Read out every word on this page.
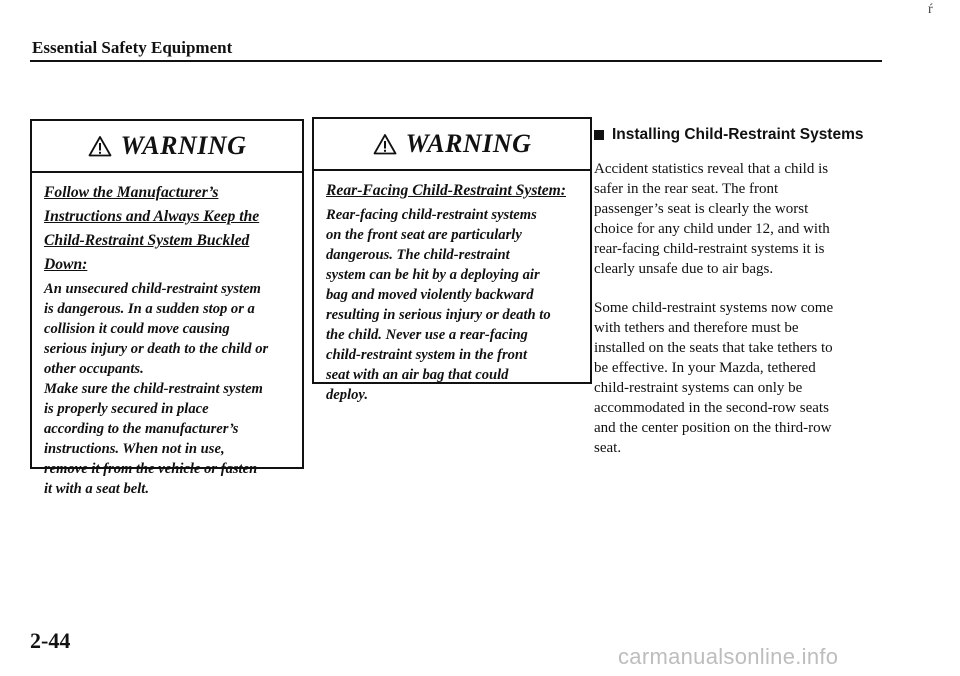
Essential Safety Equipment
ŕ
WARNING
Follow the Manufacturer’s
Instructions and Always Keep the
Child-Restraint System Buckled
Down:
An unsecured child-restraint system
is dangerous. In a sudden stop or a
collision it could move causing
serious injury or death to the child or
other occupants.
Make sure the child-restraint system
is properly secured in place
according to the manufacturer’s
instructions. When not in use,
remove it from the vehicle or fasten
it with a seat belt.
WARNING
Rear-Facing Child-Restraint System:
Rear-facing child-restraint systems
on the front seat are particularly
dangerous. The child-restraint
system can be hit by a deploying air
bag and moved violently backward
resulting in serious injury or death to
the child. Never use a rear-facing
child-restraint system in the front
seat with an air bag that could
deploy.
Installing Child-Restraint Systems
Accident statistics reveal that a child is
safer in the rear seat. The front
passenger’s seat is clearly the worst
choice for any child under 12, and with
rear-facing child-restraint systems it is
clearly unsafe due to air bags.
Some child-restraint systems now come
with tethers and therefore must be
installed on the seats that take tethers to
be effective. In your Mazda, tethered
child-restraint systems can only be
accommodated in the second-row seats
and the center position on the third-row
seat.
2-44
carmanualsonline.info
